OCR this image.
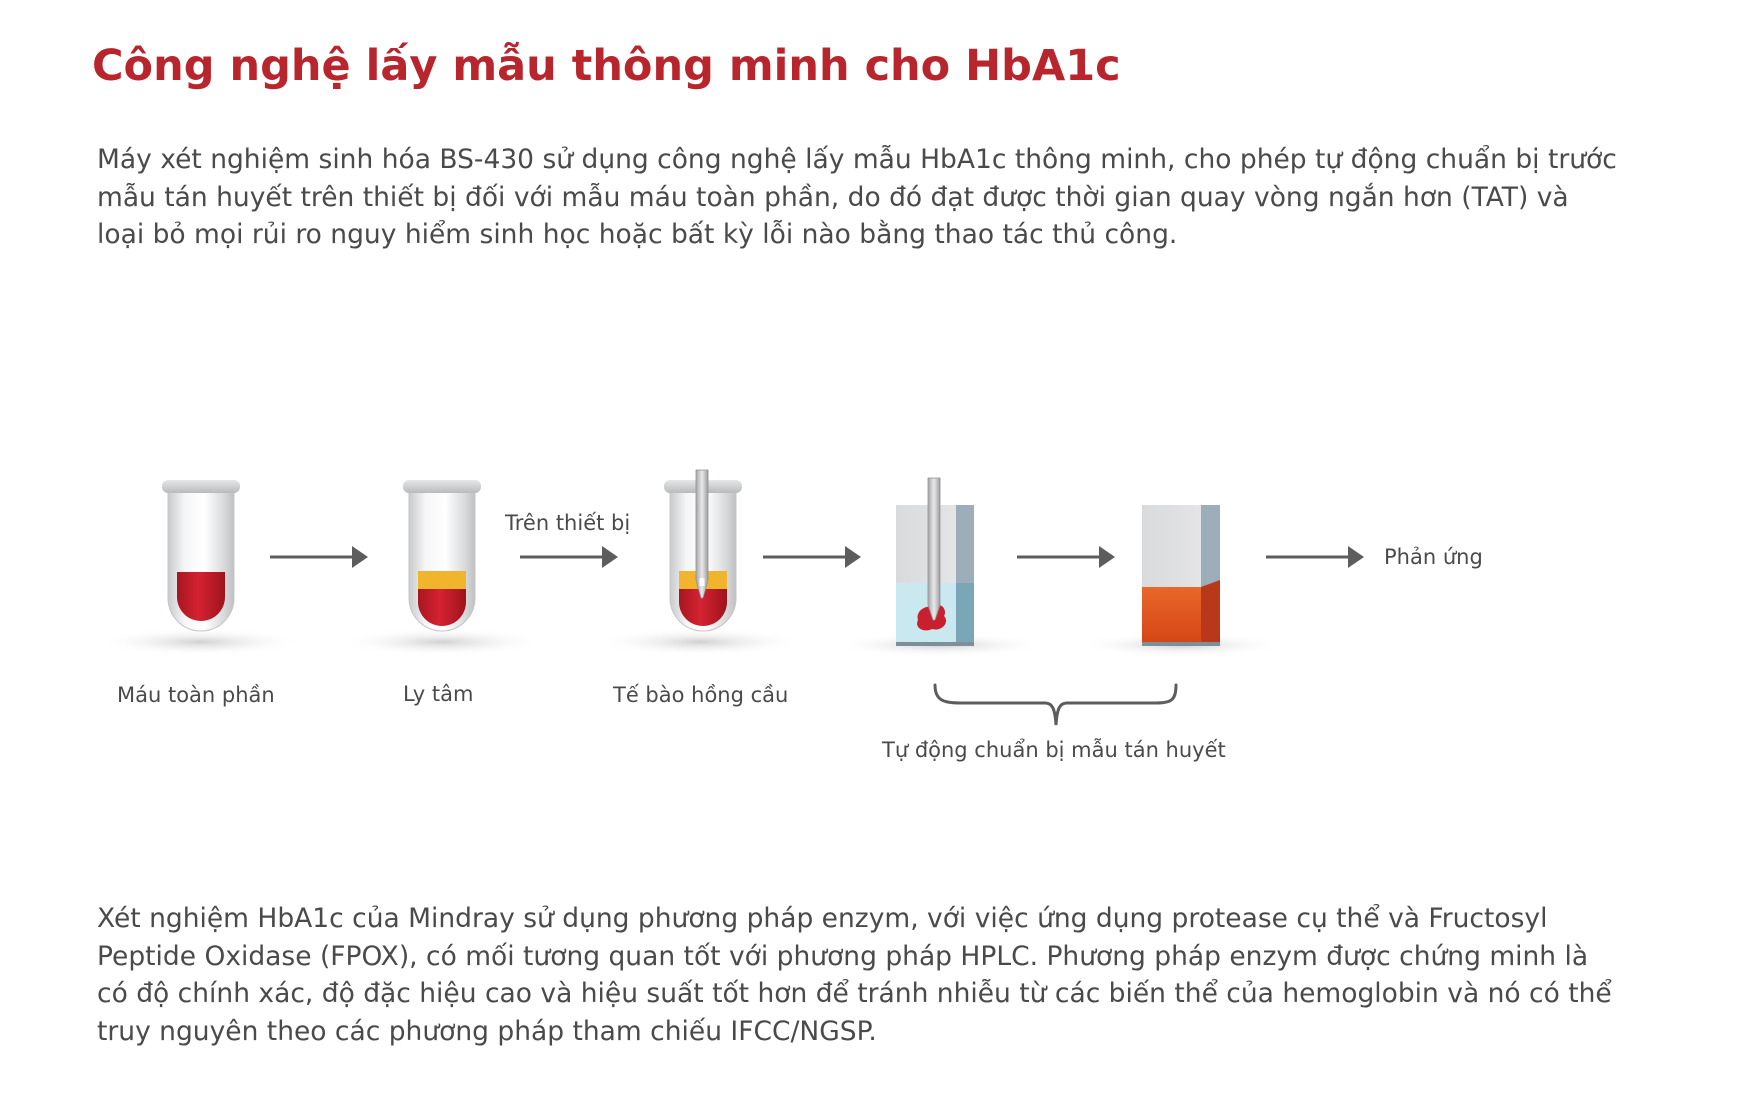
Công nghệ lấy mẫu thông minh cho HbA1c

Máy xét nghiệm sinh hóa BS-430 sử dụng công nghệ lấy mẫu HbA1c thông minh, cho phép tự động chuẩn bị trước
mẫu tán huyết trên thiết bị đối với mẫu máu toàn phần, do đó đạt được thời gian quay vòng ngắn hơn (TAT) và
loại bỏ mọi rủi ro nguy hiểm sinh học hoặc bất kỳ lỗi nào bằng thao tác thủ công.

Trên thiết bị
Máu toàn phần	Ly tâm	Tế bào hồng cầu
Tự động chuẩn bị mẫu tán huyết
Phản ứng

Xét nghiệm HbA1c của Mindray sử dụng phương pháp enzym, với việc ứng dụng protease cụ thể và Fructosyl
Peptide Oxidase (FPOX), có mối tương quan tốt với phương pháp HPLC. Phương pháp enzym được chứng minh là
có độ chính xác, độ đặc hiệu cao và hiệu suất tốt hơn để tránh nhiễu từ các biến thể của hemoglobin và nó có thể
truy nguyên theo các phương pháp tham chiếu IFCC/NGSP.
